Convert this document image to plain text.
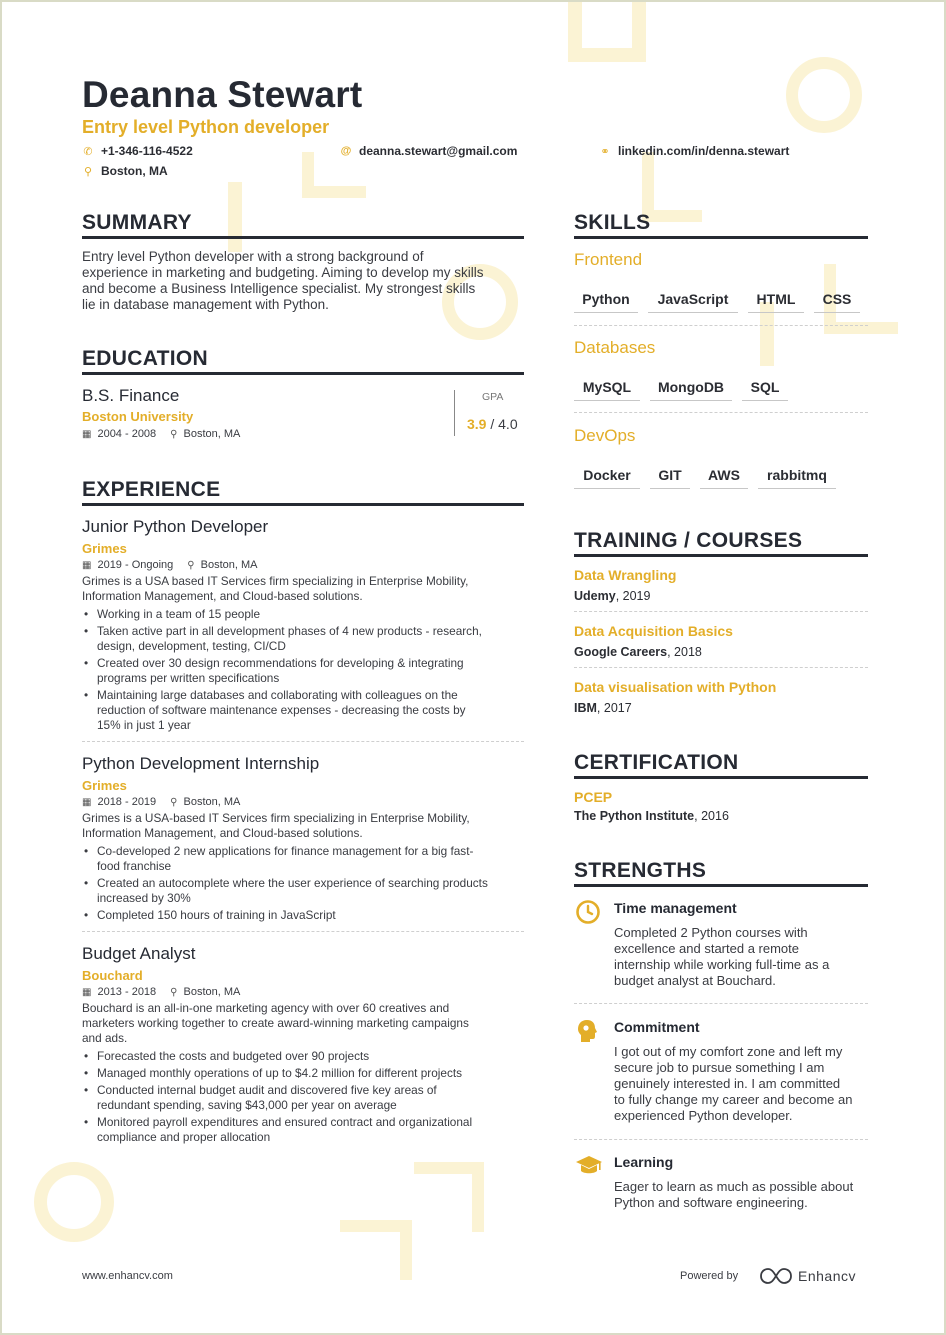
Deanna Stewart
Entry level Python developer
✆ +1-346-116-4522	@ deanna.stewart@gmail.com	⚭ linkedin.com/in/denna.stewart
⚲ Boston, MA
SUMMARY
Entry level Python developer with a strong background of
experience in marketing and budgeting. Aiming to develop my skills
and become a Business Intelligence specialist. My strongest skills
lie in database management with Python.
EDUCATION
B.S. Finance
Boston University
▦ 2004 - 2008 ⚲ Boston, MA
GPA
3.9 / 4.0
EXPERIENCE
Junior Python Developer
Grimes
▦ 2019 - Ongoing ⚲ Boston, MA
Grimes is a USA based IT Services firm specializing in Enterprise Mobility,
Information Management, and Cloud-based solutions.
• Working in a team of 15 people
• Taken active part in all development phases of 4 new products - research,
design, development, testing, CI/CD
• Created over 30 design recommendations for developing & integrating
programs per written specifications
• Maintaining large databases and collaborating with colleagues on the
reduction of software maintenance expenses - decreasing the costs by
15% in just 1 year
Python Development Internship
Grimes
▦ 2018 - 2019 ⚲ Boston, MA
Grimes is a USA-based IT Services firm specializing in Enterprise Mobility,
Information Management, and Cloud-based solutions.
• Co-developed 2 new applications for finance management for a big fast-
food franchise
• Created an autocomplete where the user experience of searching products
increased by 30%
• Completed 150 hours of training in JavaScript
Budget Analyst
Bouchard
▦ 2013 - 2018 ⚲ Boston, MA
Bouchard is an all-in-one marketing agency with over 60 creatives and
marketers working together to create award-winning marketing campaigns
and ads.
• Forecasted the costs and budgeted over 90 projects
• Managed monthly operations of up to $4.2 million for different projects
• Conducted internal budget audit and discovered five key areas of
redundant spending, saving $43,000 per year on average
• Monitored payroll expenditures and ensured contract and organizational
compliance and proper allocation
SKILLS
Frontend
Python	JavaScript	HTML	CSS
Databases
MySQL	MongoDB	SQL
DevOps
Docker	GIT	AWS	rabbitmq
TRAINING / COURSES
Data Wrangling
Udemy, 2019
Data Acquisition Basics
Google Careers, 2018
Data visualisation with Python
IBM, 2017
CERTIFICATION
PCEP
The Python Institute, 2016
STRENGTHS
Time management
Completed 2 Python courses with
excellence and started a remote
internship while working full-time as a
budget analyst at Bouchard.
Commitment
I got out of my comfort zone and left my
secure job to pursue something I am
genuinely interested in. I am committed
to fully change my career and become an
experienced Python developer.
Learning
Eager to learn as much as possible about
Python and software engineering.
www.enhancv.com	Powered by	Enhancv
